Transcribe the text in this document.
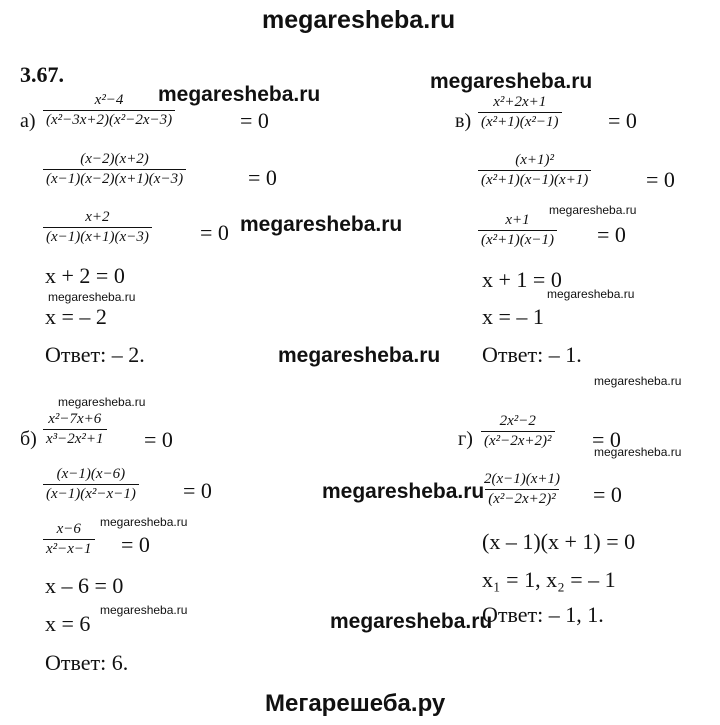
megaresheba.ru
3.67.
$а) \frac{\text{x²−4}}{\text{(x²−3x+2)(x²−2x−3)}}$	= 0
$\frac{(x-2)(x+2)}{(x-1)(x-2)(x+1)(x-3)}$	= 0
$\frac{x+2}{(x-1)(x+1)(x-3)} = 0$
x + 2 = 0
x = – 2
Ответ: – 2.
$в) \frac{\text{x²+2x+1}}{\text{(x²+1)(x²−1)}} = 0$
$\frac{\text{(x+1)²}}{\text{(x²+1)(x−1)(x+1)}} = 0$
$\frac{x+1}{\text{(x²+1)(x−1)}} = 0$
x + 1 = 0
x = – 1
Ответ: – 1.
$б) \frac{\text{x²−7x+6}}{\text{x³−2x²+1}} = 0$
$\frac{(x-1)(x-6)}{\text{(x−1)(x²−x−1)}} = 0$
$\frac{x-6}{\text{x²−x−1}} = 0$
x – 6 = 0
x = 6
Ответ: 6.
$г) \frac{\text{2x²−2}}{\text{(x²−2x+2)²}} = 0$
$\frac{2(x-1)(x+1)}{\text{(x²−2x+2)²}} = 0$
(x – 1)(x + 1) = 0
x₁ = 1, x₂ = – 1
Ответ: – 1, 1.
megaresheba.ru
megaresheba.ru
megaresheba.ru
megaresheba.ru
megaresheba.ru
megaresheba.ru
megaresheba.ru
megaresheba.ru
megaresheba.ru
megaresheba.ru
megaresheba.ru
megaresheba.ru
megaresheba.ru
megaresheba.ru
Мегарешеба.ру
